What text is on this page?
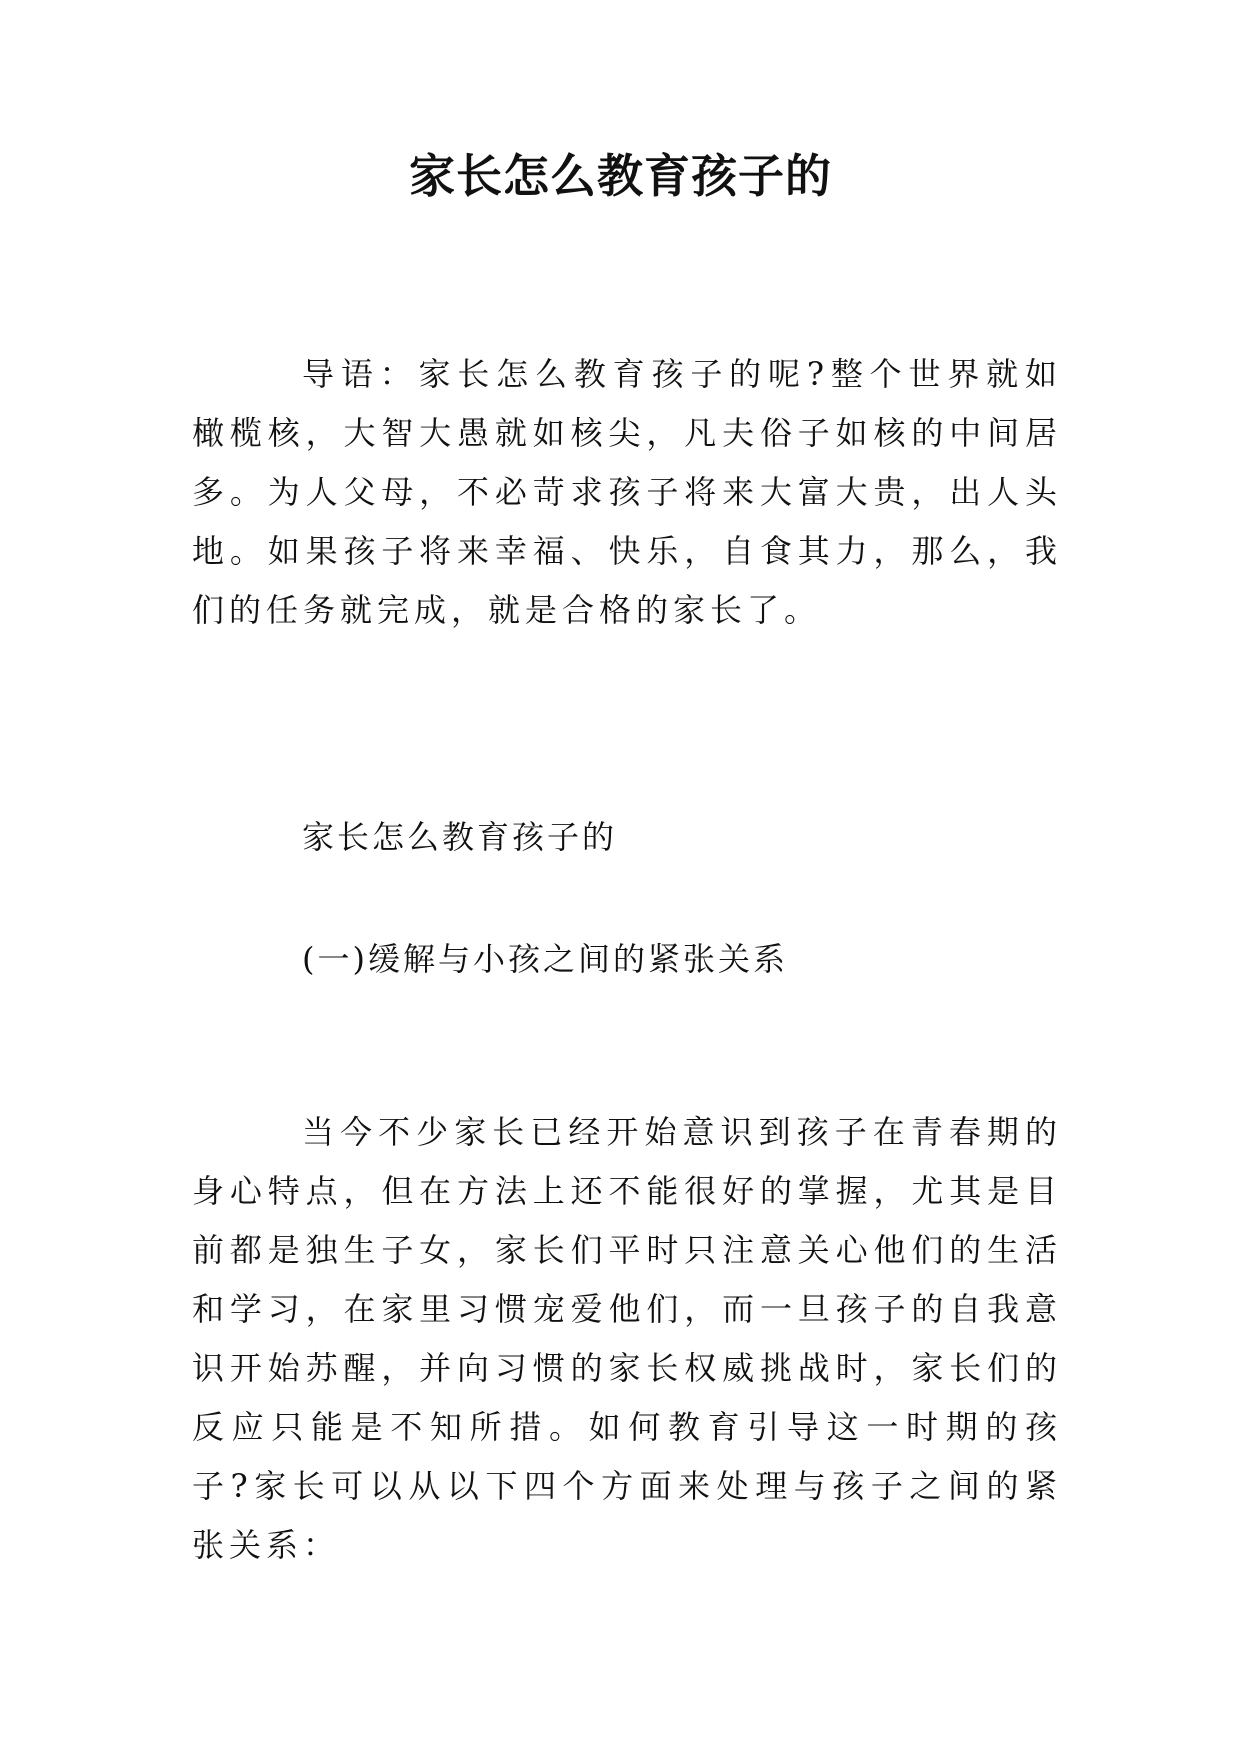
家长怎么教育孩子的

导语：家长怎么教育孩子的呢?整个世界就如橄榄核，大智大愚就如核尖，凡夫俗子如核的中间居多。为人父母，不必苛求孩子将来大富大贵，出人头地。如果孩子将来幸福、快乐，自食其力，那么，我们的任务就完成，就是合格的家长了。

家长怎么教育孩子的
(一)缓解与小孩之间的紧张关系

当今不少家长已经开始意识到孩子在青春期的身心特点，但在方法上还不能很好的掌握，尤其是目前都是独生子女，家长们平时只注意关心他们的生活和学习，在家里习惯宠爱他们，而一旦孩子的自我意识开始苏醒，并向习惯的家长权威挑战时，家长们的反应只能是不知所措。如何教育引导这一时期的孩子?家长可以从以下四个方面来处理与孩子之间的紧张关系：
